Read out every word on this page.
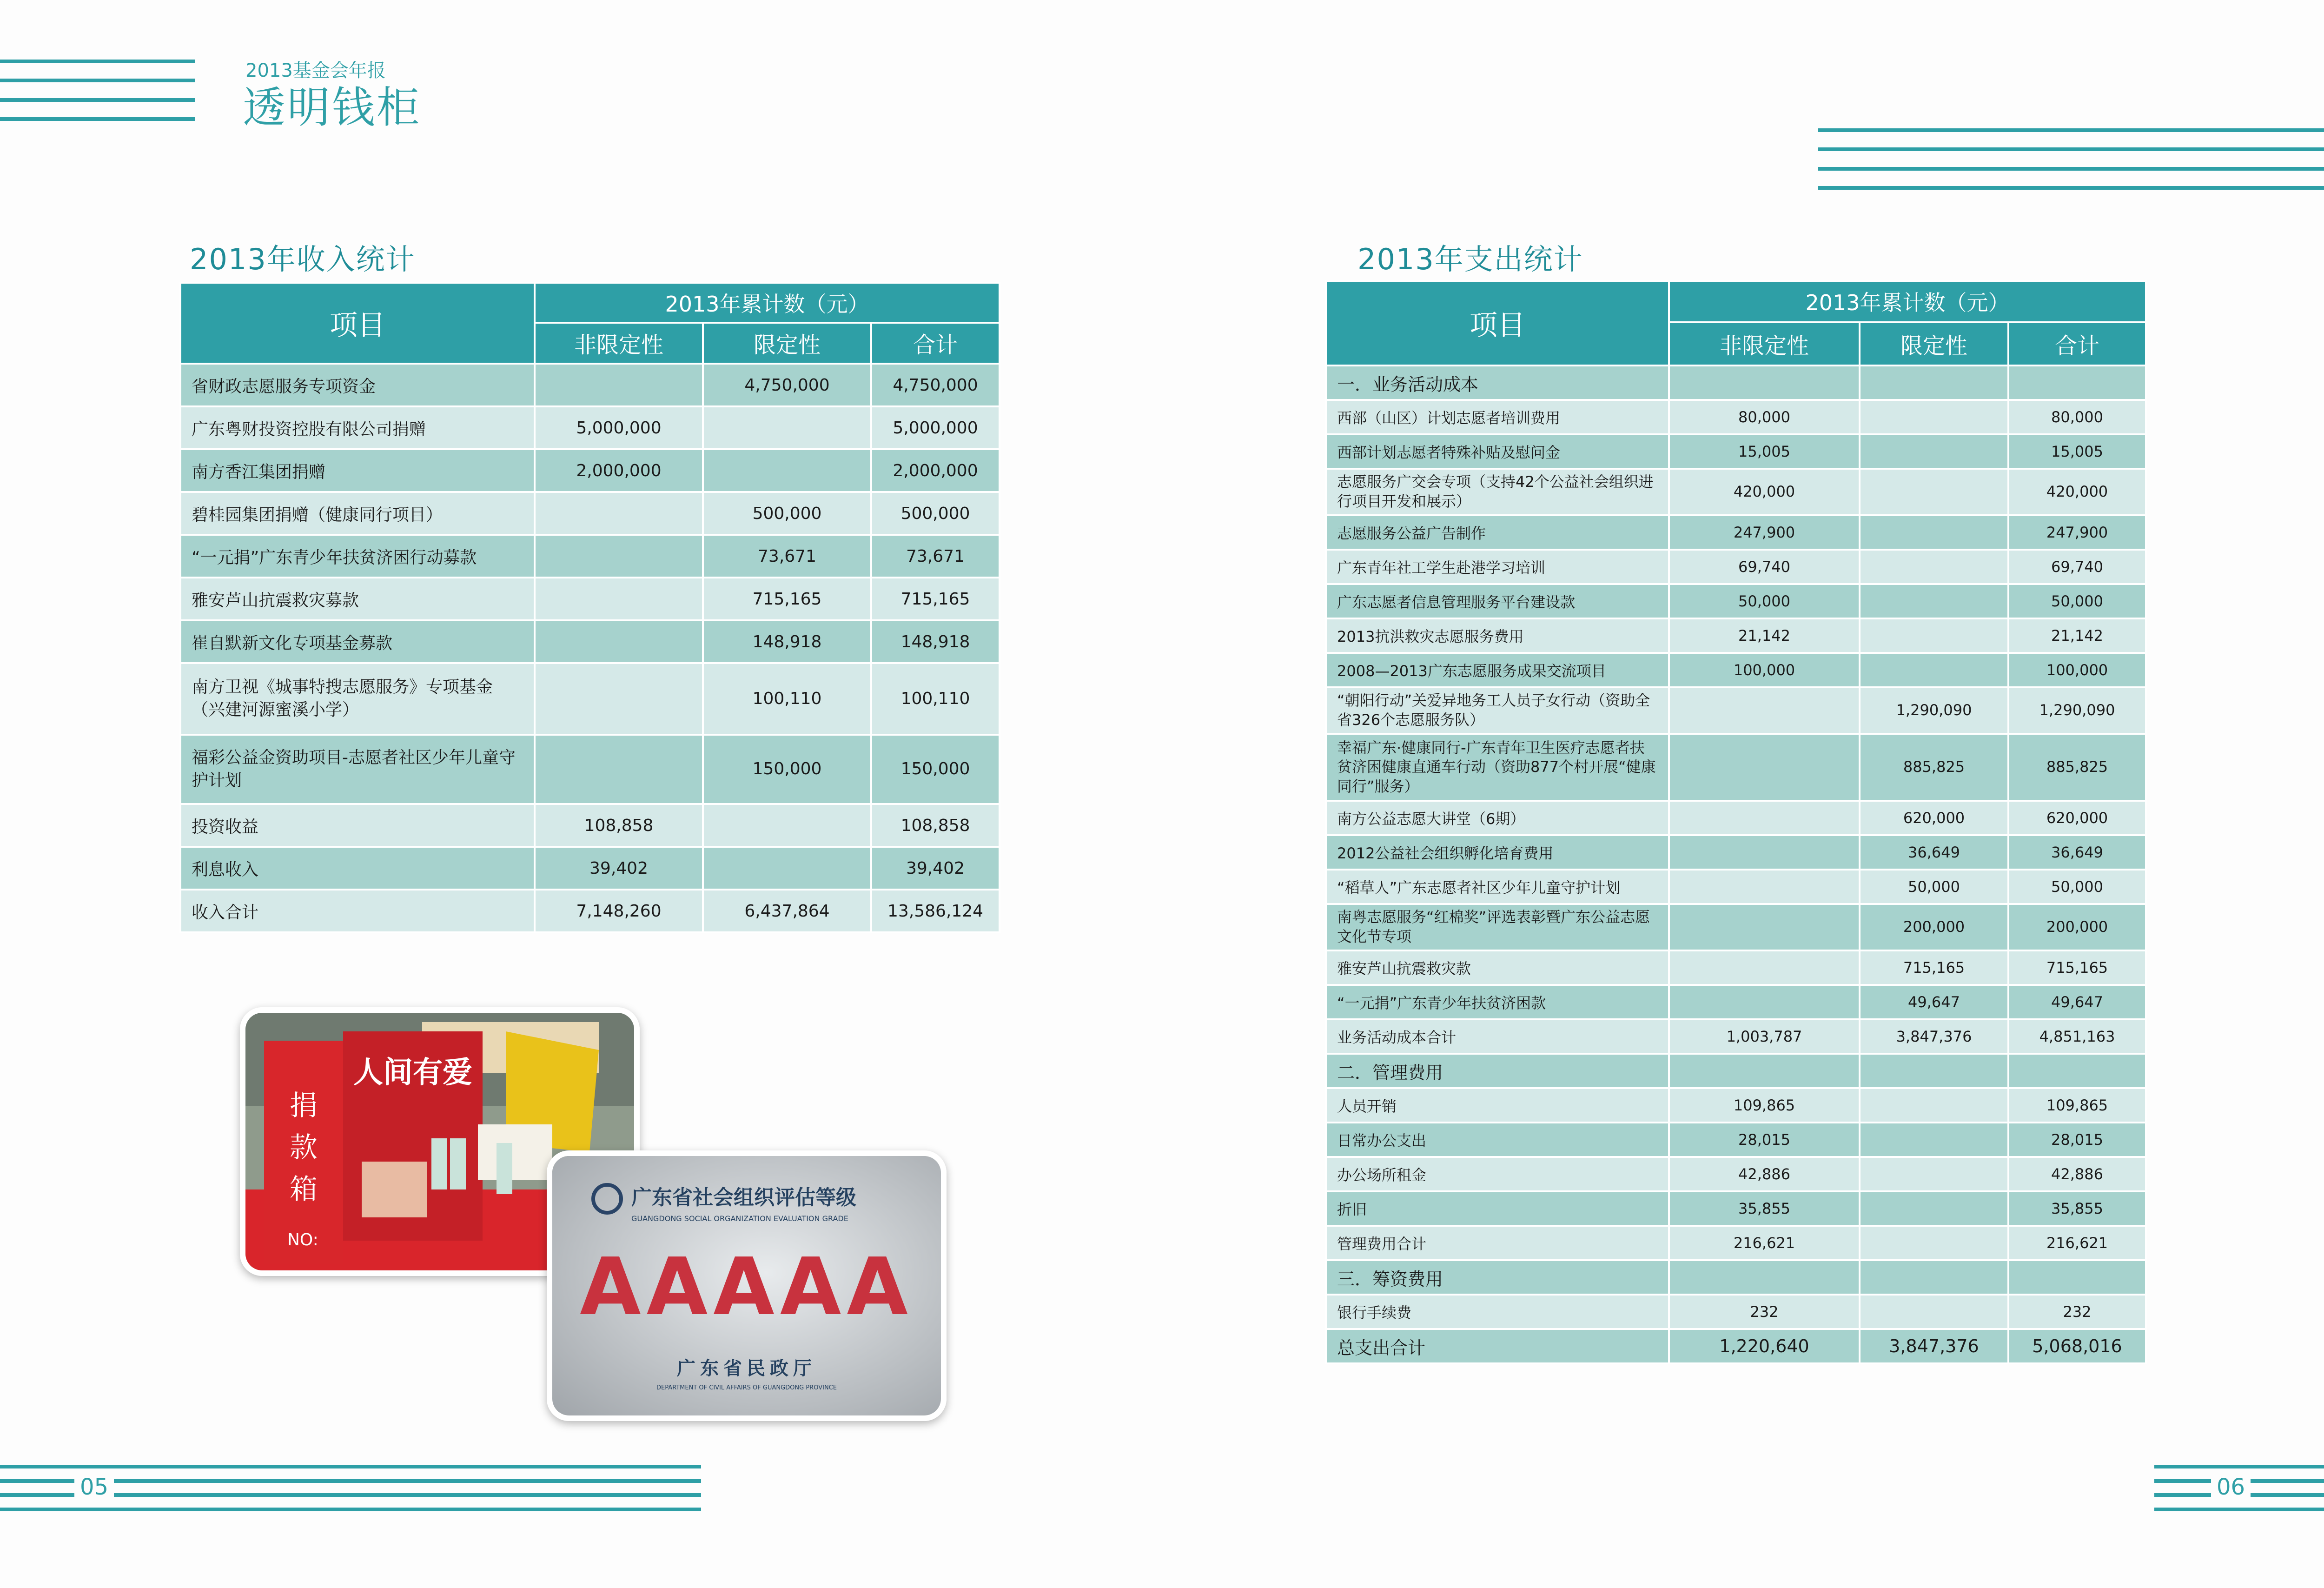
2013基金会年报
透明钱柜
2013年收入统计
项目	2013年累计数（元）		
	非限定性	限定性	合计
省财政志愿服务专项资金		4,750,000	4,750,000
广东粤财投资控股有限公司捐赠	5,000,000		5,000,000
南方香江集团捐赠	2,000,000		2,000,000
碧桂园集团捐赠（健康同行项目）		500,000	500,000
“一元捐”广东青少年扶贫济困行动募款		73,671	73,671
雅安芦山抗震救灾募款		715,165	715,165
崔自默新文化专项基金募款		148,918	148,918
南方卫视《城事特搜志愿服务》专项基金（兴建河源蜜溪小学）		100,110	100,110
福彩公益金资助项目-志愿者社区少年儿童守护计划		150,000	150,000
投资收益	108,858		108,858
利息收入	39,402		39,402
收入合计	7,148,260	6,437,864	13,586,124
捐
款
箱
NO:
人间有爱
广东省社会组织评估等级
GUANGDONG SOCIAL ORGANIZATION EVALUATION GRADE
AAAAA
广东省民政厅
DEPARTMENT OF CIVIL AFFAIRS OF GUANGDONG PROVINCE
2013年支出统计
项目	2013年累计数（元）		
	非限定性	限定性	合计
一．业务活动成本			
西部（山区）计划志愿者培训费用	80,000		80,000
西部计划志愿者特殊补贴及慰问金	15,005		15,005
志愿服务广交会专项（支持42个公益社会组织进行项目开发和展示）	420,000		420,000
志愿服务公益广告制作	247,900		247,900
广东青年社工学生赴港学习培训	69,740		69,740
广东志愿者信息管理服务平台建设款	50,000		50,000
2013抗洪救灾志愿服务费用	21,142		21,142
2008—2013广东志愿服务成果交流项目	100,000		100,000
“朝阳行动”关爱异地务工人员子女行动（资助全省326个志愿服务队）		1,290,090	1,290,090
幸福广东·健康同行-广东青年卫生医疗志愿者扶贫济困健康直通车行动（资助877个村开展“健康同行”服务）		885,825	885,825
南方公益志愿大讲堂（6期）		620,000	620,000
2012公益社会组织孵化培育费用		36,649	36,649
“稻草人”广东志愿者社区少年儿童守护计划		50,000	50,000
南粤志愿服务“红棉奖”评选表彰暨广东公益志愿文化节专项		200,000	200,000
雅安芦山抗震救灾款		715,165	715,165
“一元捐”广东青少年扶贫济困款		49,647	49,647
业务活动成本合计	1,003,787	3,847,376	4,851,163
二．管理费用			
人员开销	109,865		109,865
日常办公支出	28,015		28,015
办公场所租金	42,886		42,886
折旧	35,855		35,855
管理费用合计	216,621		216,621
三．筹资费用			
银行手续费	232		232
总支出合计	1,220,640	3,847,376	5,068,016
05	06
